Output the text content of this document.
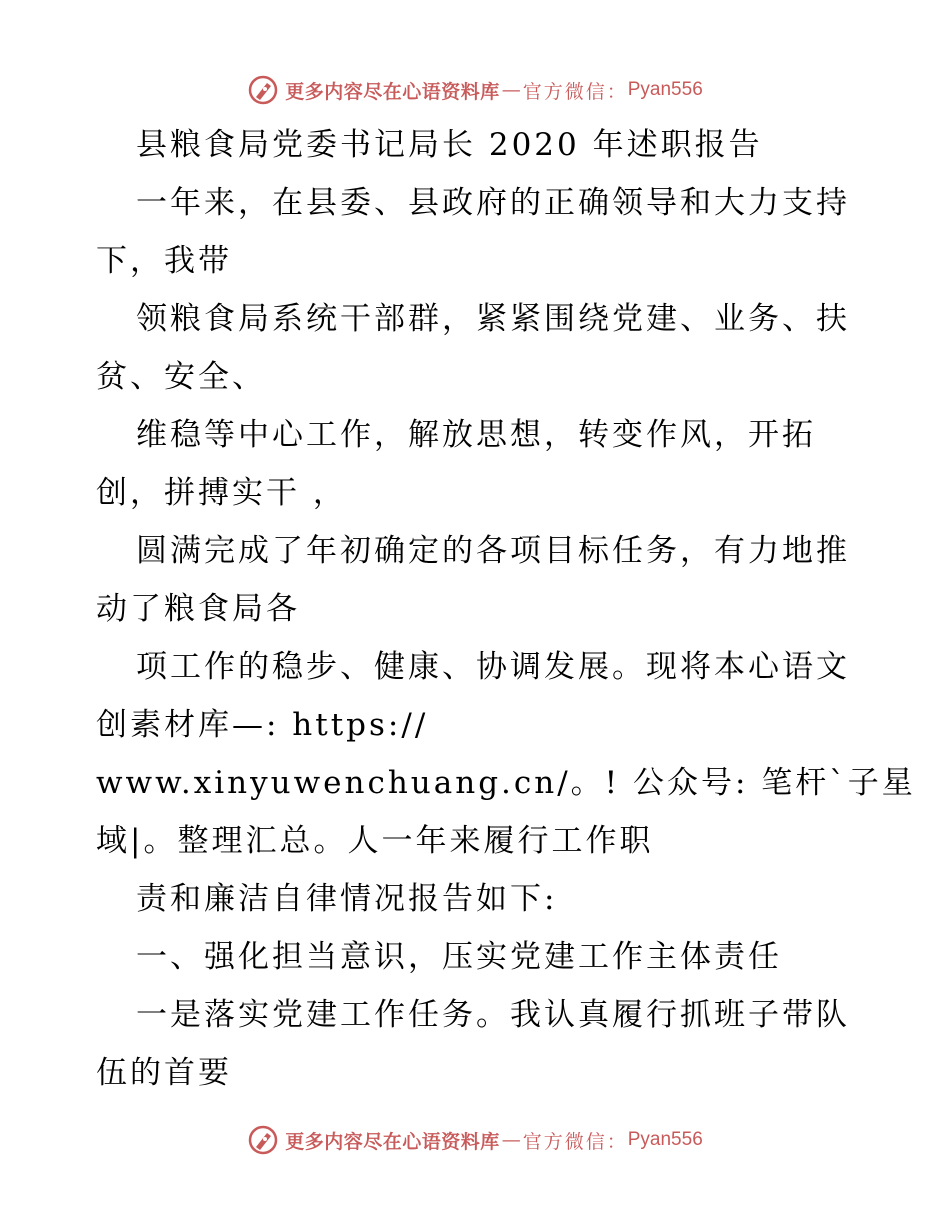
更多内容尽在心语资料库 — 官方微信： Pyan556
县粮食局党委书记局长 2020 年述职报告
一年来，在县委、县政府的正确领导和大力支持
下，我带
领粮食局系统干部群，紧紧围绕党建、业务、扶
贫、安全、
维稳等中心工作，解放思想，转变作风，开拓
创，拼搏实干 ，
圆满完成了年初确定的各项目标任务，有力地推
动了粮食局各
项工作的稳步、健康、协调发展。现将本心语文
创素材库—: https://
www.xinyuwenchuang.cn/。! 公众号: 笔杆`子星
域|。整理汇总。人一年来履行工作职
责和廉洁自律情况报告如下:
一、强化担当意识，压实党建工作主体责任
一是落实党建工作任务。我认真履行抓班子带队
伍的首要
更多内容尽在心语资料库 — 官方微信： Pyan556
